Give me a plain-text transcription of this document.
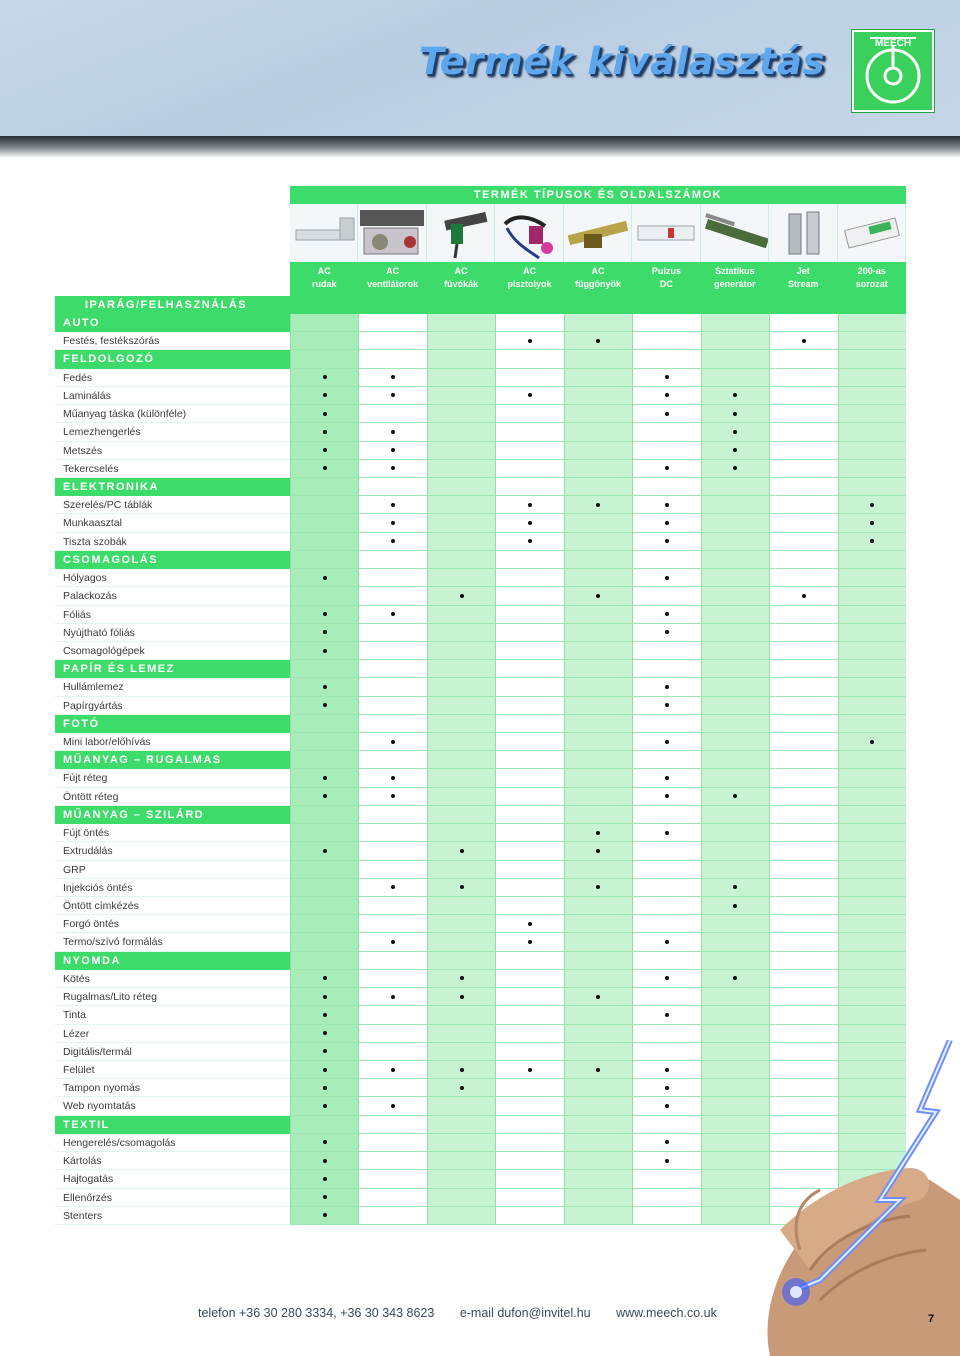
Termék kiválasztás	MEECH
TERMÉK TÍPUSOK ÉS OLDALSZÁMOK
AC
rudak
AC
ventilátorok
AC
fúvókák
AC
pisztolyok
AC
függönyök
Pulzus
DC
Sztatikus
generátor
Jet
Stream
200-as
sorozat
IPARÁG/FELHASZNÁLÁS
AUTO
Festés, festékszórás
FELDOLGOZÓ
Fedés
Laminálás
Műanyag táska (különféle)
Lemezhengerlés
Metszés
Tekercselés
ELEKTRONIKA
Szerelés/PC táblák
Munkaasztal
Tiszta szobák
CSOMAGOLÁS
Hólyagos
Palackozás
Fóliás
Nyújtható fóliás
Csomagológépek
PAPÍR ÉS LEMEZ
Hullámlemez
Papírgyártás
FOTÓ
Mini labor/előhívás
MŰANYAG – RUGALMAS
Fújt réteg
Öntött réteg
MŰANYAG – SZILÁRD
Fújt öntés
Extrudálás
GRP
Injekciós öntés
Öntött címkézés
Forgó öntés
Termo/szívó formálás
NYOMDA
Kötés
Rugalmas/Lito réteg
Tinta
Lézer
Digitális/termál
Felület
Tampon nyomás
Web nyomtatás
TEXTIL
Hengerelés/csomagolás
Kártolás
Hajtogatás
Ellenőrzés
Stenters
telefon +36 30 280 3334, +36 30 343 8623 e-mail dufon@invitel.hu www.meech.co.uk	7
